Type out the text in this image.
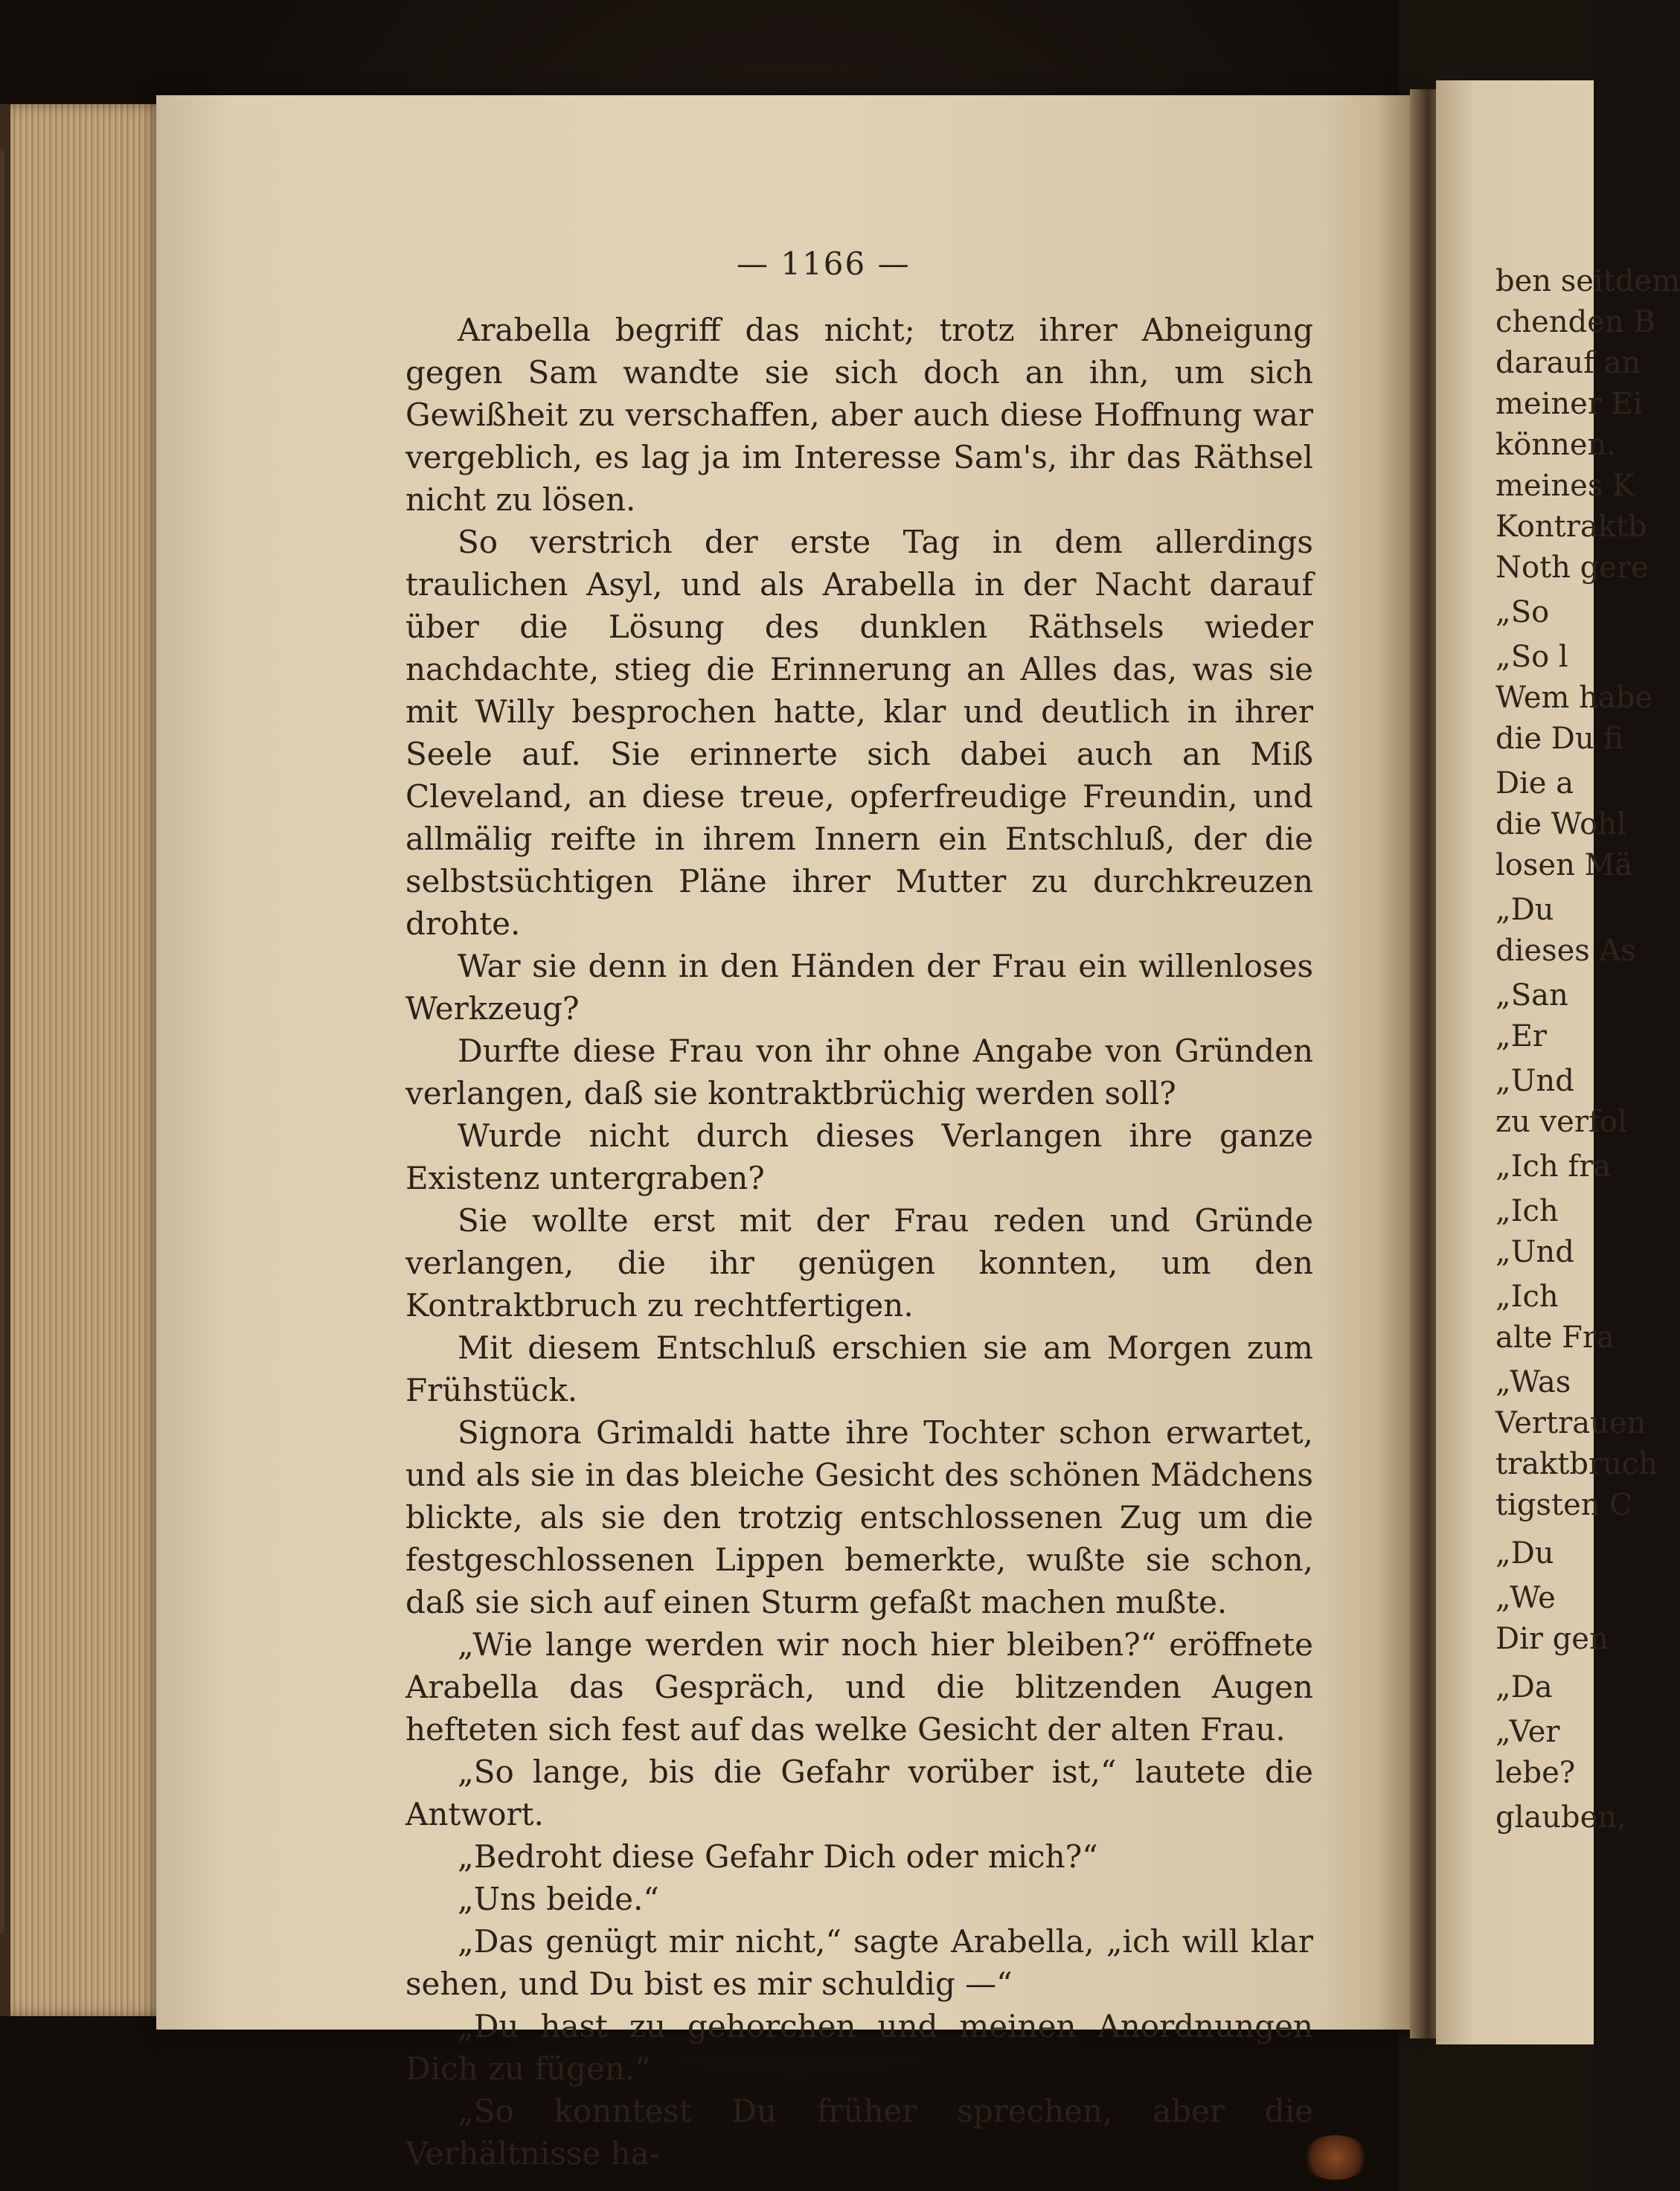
ben seitdem
chenden B
darauf an
meiner Ei
können.
meines K
Kontraktb
Noth gere
„So
„So l
Wem habe
die Du fi
Die a
die Wohl
losen Mä
„Du
dieses As
„San
„Er
„Und
zu verfol
„Ich fra
„Ich
„Und
„Ich
alte Fra
„Was
Vertrauen
traktbruch
tigsten C
„Du
„We
Dir gen
„Da
„Ver
lebe?
glauben,
— 1166 —

Arabella begriff das nicht; trotz ihrer Abneigung gegen Sam wandte sie sich doch an ihn, um sich Gewißheit zu verschaffen, aber auch diese Hoffnung war vergeblich, es lag ja im Interesse Sam's, ihr das Räthsel nicht zu lösen.

So verstrich der erste Tag in dem allerdings traulichen Asyl, und als Arabella in der Nacht darauf über die Lösung des dunklen Räthsels wieder nachdachte, stieg die Erinnerung an Alles das, was sie mit Willy besprochen hatte, klar und deutlich in ihrer Seele auf. Sie erinnerte sich dabei auch an Miß Cleveland, an diese treue, opferfreudige Freundin, und allmälig reifte in ihrem Innern ein Entschluß, der die selbstsüchtigen Pläne ihrer Mutter zu durchkreuzen drohte.

War sie denn in den Händen der Frau ein willenloses Werkzeug?

Durfte diese Frau von ihr ohne Angabe von Gründen verlangen, daß sie kontraktbrüchig werden soll?

Wurde nicht durch dieses Verlangen ihre ganze Existenz untergraben?

Sie wollte erst mit der Frau reden und Gründe verlangen, die ihr genügen konnten, um den Kontraktbruch zu rechtfertigen.

Mit diesem Entschluß erschien sie am Morgen zum Frühstück.

Signora Grimaldi hatte ihre Tochter schon erwartet, und als sie in das bleiche Gesicht des schönen Mädchens blickte, als sie den trotzig entschlossenen Zug um die festgeschlossenen Lippen bemerkte, wußte sie schon, daß sie sich auf einen Sturm gefaßt machen mußte.

„Wie lange werden wir noch hier bleiben?“ eröffnete Arabella das Gespräch, und die blitzenden Augen hefteten sich fest auf das welke Gesicht der alten Frau.

„So lange, bis die Gefahr vorüber ist,“ lautete die Antwort.

„Bedroht diese Gefahr Dich oder mich?“

„Uns beide.“

„Das genügt mir nicht,“ sagte Arabella, „ich will klar sehen, und Du bist es mir schuldig —“

„Du hast zu gehorchen und meinen Anordnungen Dich zu fügen.“

„So konntest Du früher sprechen, aber die Verhältnisse ha-
